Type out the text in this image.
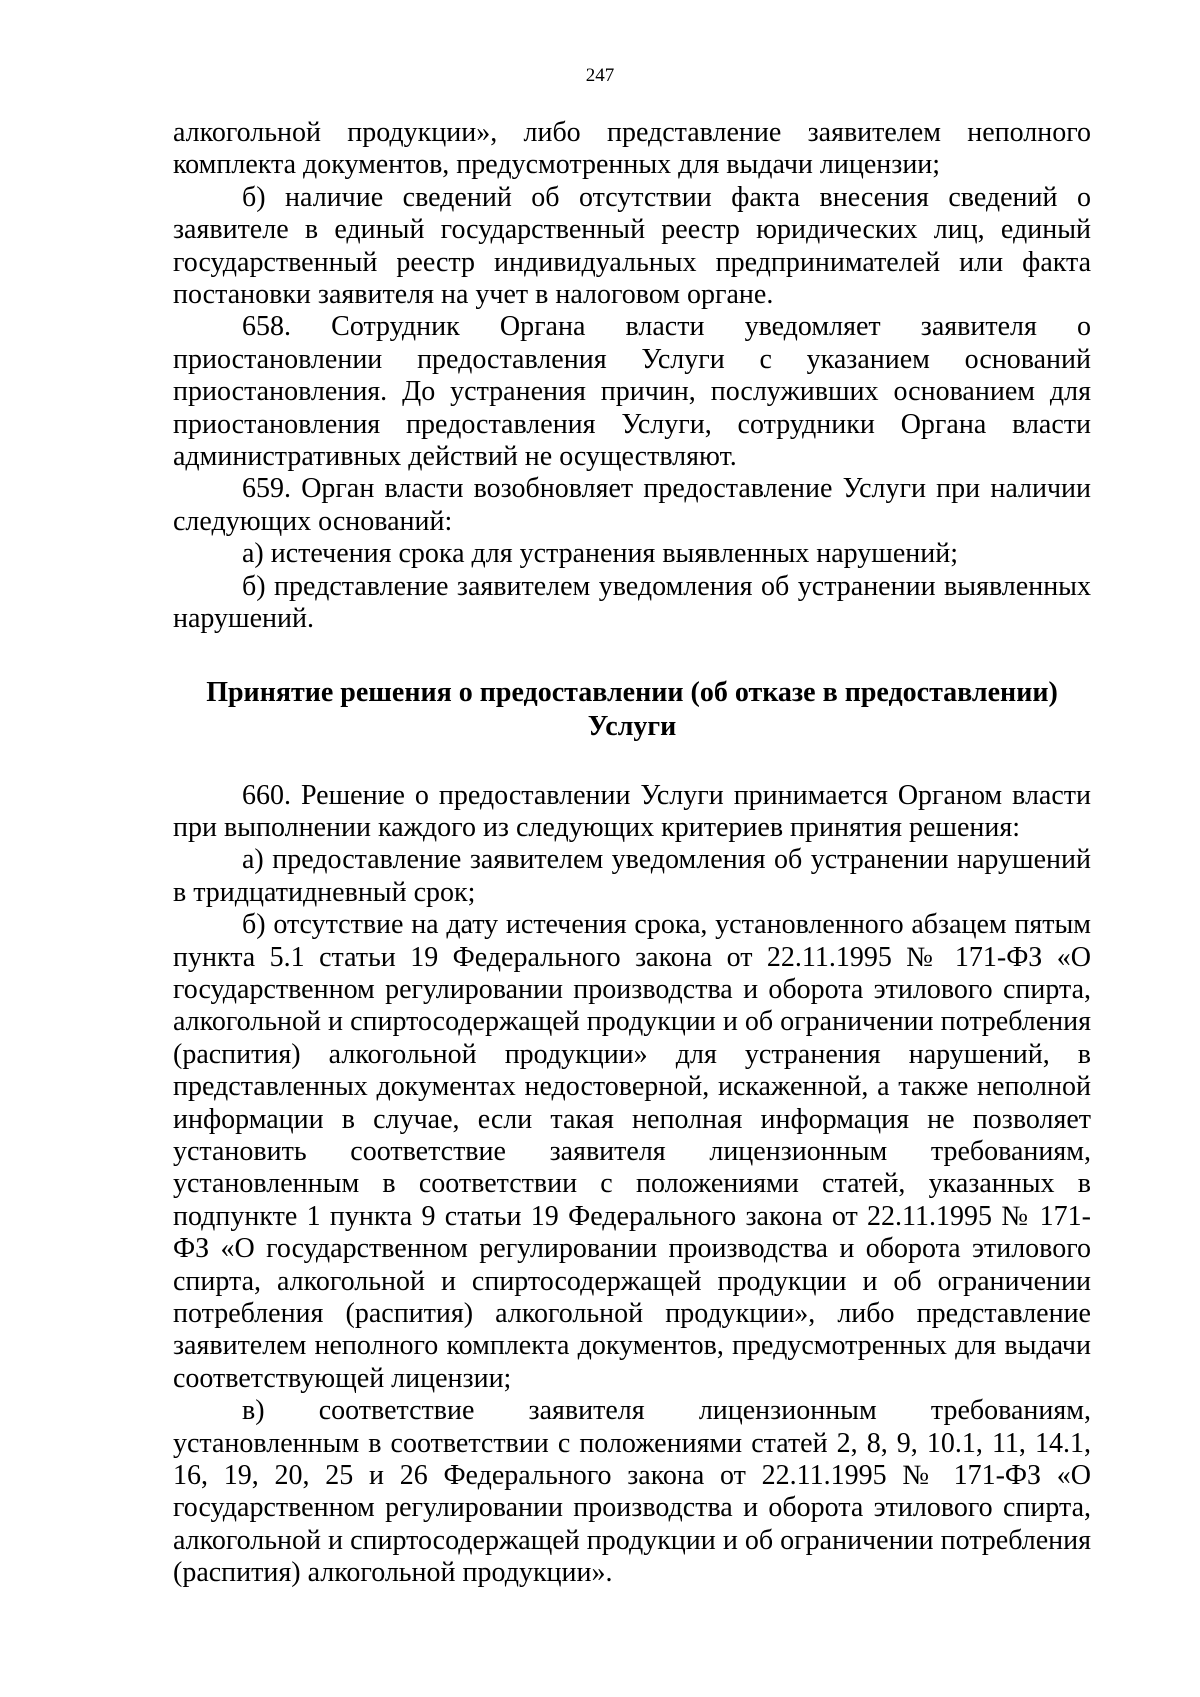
247

алкогольной продукции», либо представление заявителем неполного комплекта документов, предусмотренных для выдачи лицензии;

б) наличие сведений об отсутствии факта внесения сведений о заявителе в единый государственный реестр юридических лиц, единый государственный реестр индивидуальных предпринимателей или факта постановки заявителя на учет в налоговом органе.

658. Сотрудник Органа власти уведомляет заявителя о приостановлении предоставления Услуги с указанием оснований приостановления. До устранения причин, послуживших основанием для приостановления предоставления Услуги, сотрудники Органа власти административных действий не осуществляют.

659. Орган власти возобновляет предоставление Услуги при наличии следующих оснований:

а) истечения срока для устранения выявленных нарушений;

б) представление заявителем уведомления об устранении выявленных нарушений.

Принятие решения о предоставлении (об отказе в предоставлении)
Услуги

660. Решение о предоставлении Услуги принимается Органом власти при выполнении каждого из следующих критериев принятия решения:

а) предоставление заявителем уведомления об устранении нарушений в тридцатидневный срок;

б) отсутствие на дату истечения срока, установленного абзацем пятым пункта 5.1 статьи 19 Федерального закона от 22.11.1995 № 171-ФЗ «О государственном регулировании производства и оборота этилового спирта, алкогольной и спиртосодержащей продукции и об ограничении потребления (распития) алкогольной продукции» для устранения нарушений, в представленных документах недостоверной, искаженной, а также неполной информации в случае, если такая неполная информация не позволяет установить соответствие заявителя лицензионным требованиям, установленным в соответствии с положениями статей, указанных в подпункте 1 пункта 9 статьи 19 Федерального закона от 22.11.1995 № 171-ФЗ «О государственном регулировании производства и оборота этилового спирта, алкогольной и спиртосодержащей продукции и об ограничении потребления (распития) алкогольной продукции», либо представление заявителем неполного комплекта документов, предусмотренных для выдачи соответствующей лицензии;

в) соответствие заявителя лицензионным требованиям, установленным в соответствии с положениями статей 2, 8, 9, 10.1, 11, 14.1, 16, 19, 20, 25 и 26 Федерального закона от 22.11.1995 № 171-ФЗ «О государственном регулировании производства и оборота этилового спирта, алкогольной и спиртосодержащей продукции и об ограничении потребления (распития) алкогольной продукции».
